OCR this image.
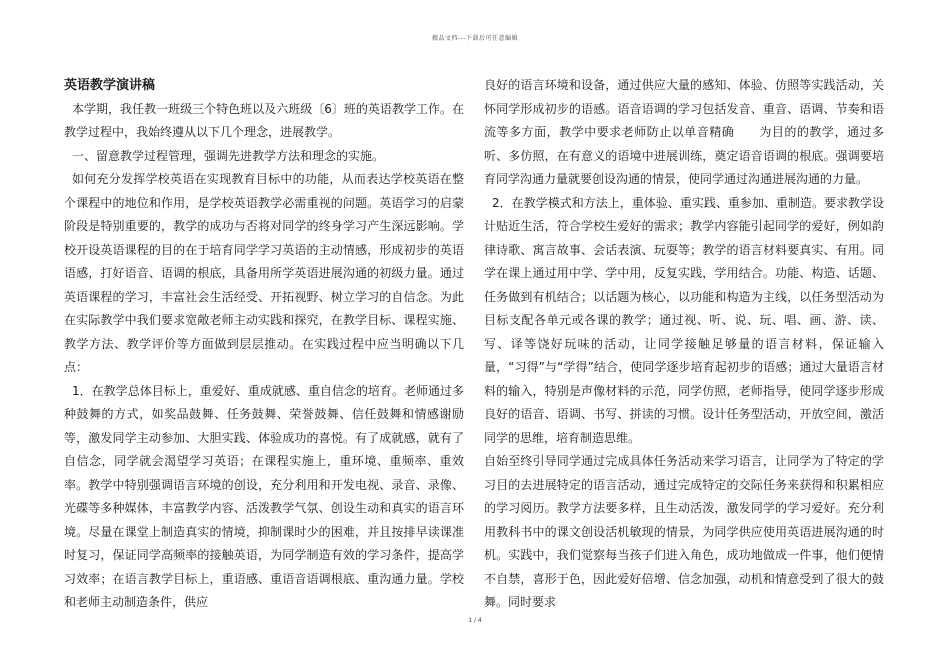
精品文档---下载后可任意编辑
英语教学演讲稿

本学期，我任教一班级三个特色班以及六班级〔6〕班的英语教学工作。在教学过程中，我始终遵从以下几个理念，进展教学。

一、留意教学过程管理，强调先进教学方法和理念的实施。

如何充分发挥学校英语在实现教育目标中的功能，从而表达学校英语在整个课程中的地位和作用，是学校英语教学必需重视的问题。英语学习的启蒙阶段是特别重要的，教学的成功与否将对同学的终身学习产生深远影响。学校开设英语课程的目的在于培育同学学习英语的主动情感，形成初步的英语语感，打好语音、语调的根底，具备用所学英语进展沟通的初级力量。通过英语课程的学习，丰富社会生活经受、开拓视野、树立学习的自信念。为此在实际教学中我们要求宽敞老师主动实践和探究，在教学目标、课程实施、教学方法、教学评价等方面做到层层推动。在实践过程中应当明确以下几点：

1．在教学总体目标上，重爱好、重成就感、重自信念的培育。老师通过多种鼓舞的方式，如奖品鼓舞、任务鼓舞、荣誉鼓舞、信任鼓舞和情感谢励等，激发同学主动参加、大胆实践、体验成功的喜悦。有了成就感，就有了自信念，同学就会渴望学习英语；在课程实施上，重环境、重频率、重效率。教学中特别强调语言环境的创设，充分利用和开发电视、录音、录像、光碟等多种媒体，丰富教学内容、活泼教学气氛、创设生动和真实的语言环境。尽量在课堂上制造真实的情境，抑制课时少的困难，并且按排早读课准时复习，保证同学高频率的接触英语，为同学制造有效的学习条件，提高学习效率；在语言教学目标上，重语感、重语音语调根底、重沟通力量。学校和老师主动制造条件，供应

良好的语言环境和设备，通过供应大量的感知、体验、仿照等实践活动，关怀同学形成初步的语感。语音语调的学习包括发音、重音、语调、节奏和语流等多方面，教学中要求老师防止以单音精确　　为目的的教学，通过多听、多仿照，在有意义的语境中进展训练，奠定语音语调的根底。强调要培育同学沟通力量就要创设沟通的情景，使同学通过沟通进展沟通的力量。

2．在教学模式和方法上，重体验、重实践、重参加、重制造。要求教学设计贴近生活，符合学校生爱好的需求；教学内容能引起同学的爱好，例如韵律诗歌、寓言故事、会话表演、玩耍等；教学的语言材料要真实、有用。同学在课上通过用中学、学中用，反复实践，学用结合。功能、构造、话题、任务做到有机结合；以话题为核心，以功能和构造为主线，以任务型活动为目标支配各单元或各课的教学；通过视、听、说、玩、唱、画、游、读、写、译等饶好玩味的活动，让同学接触足够量的语言材料，保证输入量，“习得”与“学得”结合，使同学逐步培育起初步的语感；通过大量语言材料的输入，特别是声像材料的示范，同学仿照，老师指导，使同学逐步形成良好的语音、语调、书写、拼读的习惯。设计任务型活动，开放空间，激活同学的思维，培育制造思维。

自始至终引导同学通过完成具体任务活动来学习语言，让同学为了特定的学习目的去进展特定的语言活动，通过完成特定的交际任务来获得和积累相应的学习阅历。教学方法要多样，且生动活泼，激发同学的学习爱好。充分利用教科书中的课文创设活机敏现的情景，为同学供应使用英语进展沟通的时机。实践中，我们觉察每当孩子们进入角色，成功地做成一件事，他们便情不自禁，喜形于色，因此爱好倍增、信念加强，动机和情意受到了很大的鼓舞。同时要求

1 / 4
